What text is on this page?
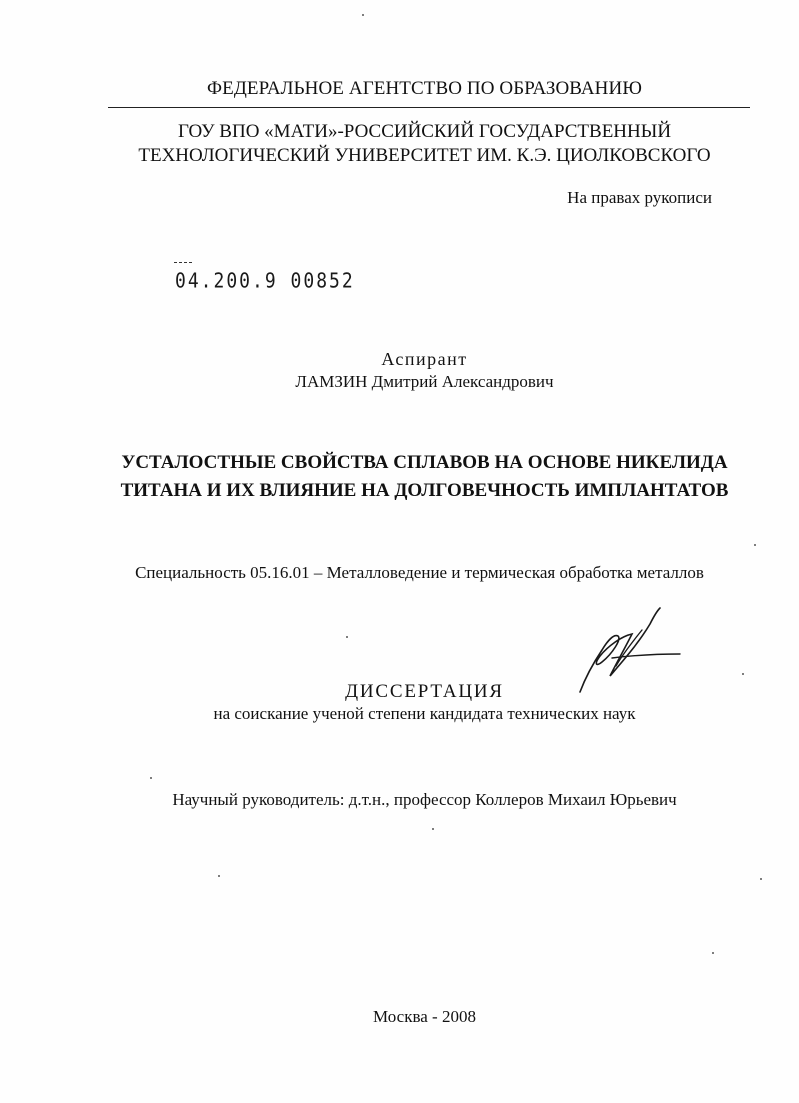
ФЕДЕРАЛЬНОЕ АГЕНТСТВО ПО ОБРАЗОВАНИЮ
ГОУ ВПО «МАТИ»-РОССИЙСКИЙ ГОСУДАРСТВЕННЫЙ
ТЕХНОЛОГИЧЕСКИЙ УНИВЕРСИТЕТ ИМ. К.Э. ЦИОЛКОВСКОГО
На правах рукописи
04.200.9 00852
Аспирант
ЛАМЗИН Дмитрий Александрович
УСТАЛОСТНЫЕ СВОЙСТВА СПЛАВОВ НА ОСНОВЕ НИКЕЛИДА
ТИТАНА И ИХ ВЛИЯНИЕ НА ДОЛГОВЕЧНОСТЬ ИМПЛАНТАТОВ
Специальность 05.16.01 – Металловедение и термическая обработка металлов
ДИССЕРТАЦИЯ
на соискание ученой степени кандидата технических наук
Научный руководитель: д.т.н., профессор Коллеров Михаил Юрьевич
Москва - 2008
